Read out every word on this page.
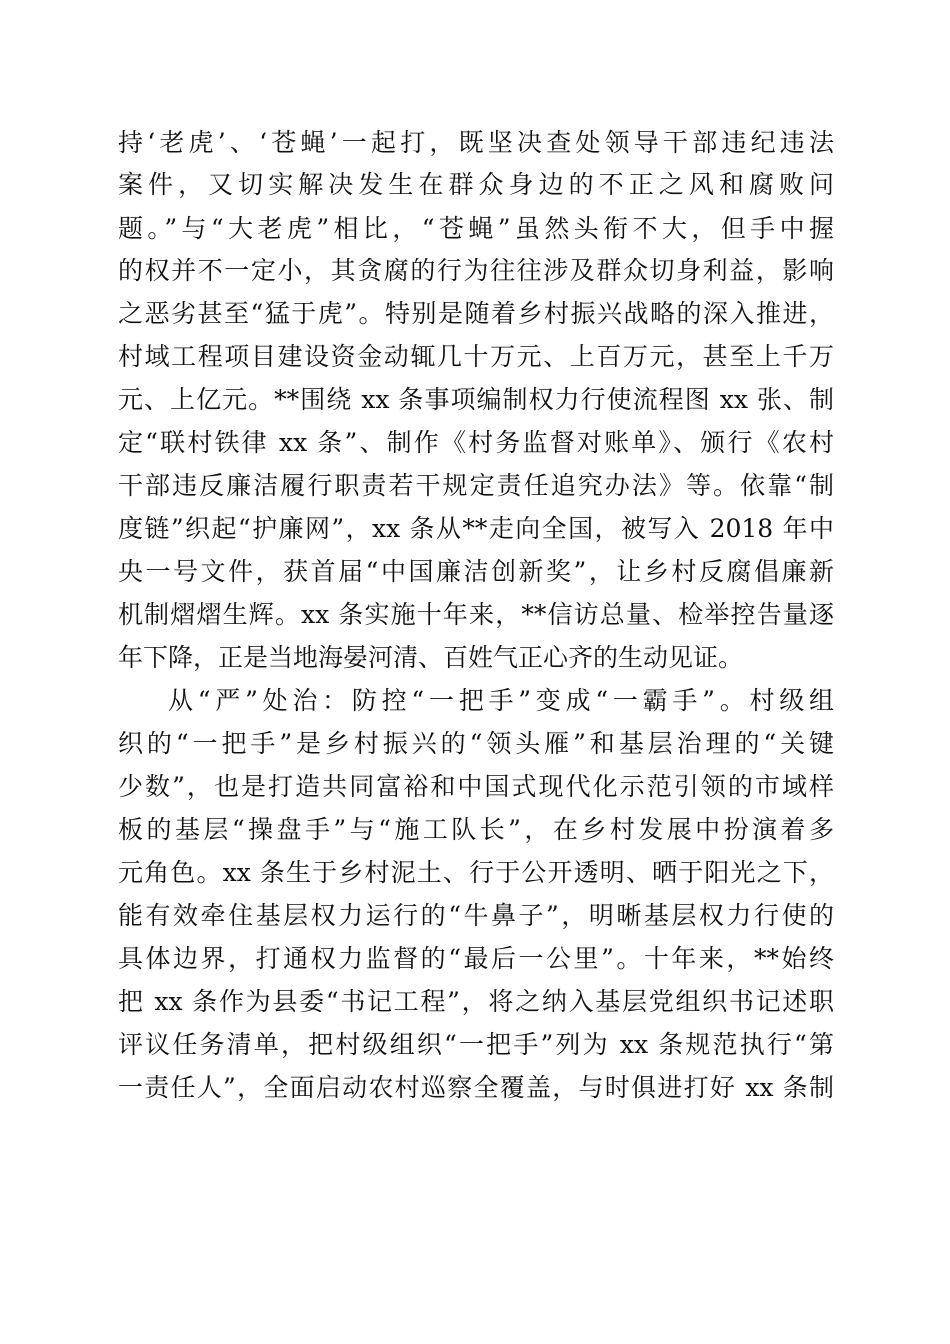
持‘老虎’、‘苍蝇’一起打，既坚决查处领导干部违纪违法
案件，又切实解决发生在群众身边的不正之风和腐败问
题。”与“大老虎”相比，“苍蝇”虽然头衔不大，但手中握
的权并不一定小，其贪腐的行为往往涉及群众切身利益，影响
之恶劣甚至“猛于虎”。特别是随着乡村振兴战略的深入推进，
村域工程项目建设资金动辄几十万元、上百万元，甚至上千万
元、上亿元。**围绕 xx 条事项编制权力行使流程图 xx 张、制
定“联村铁律 xx 条”、制作《村务监督对账单》、颁行《农村
干部违反廉洁履行职责若干规定责任追究办法》等。依靠“制
度链”织起“护廉网”，xx 条从**走向全国，被写入 2018 年中
央一号文件，获首届“中国廉洁创新奖”，让乡村反腐倡廉新
机制熠熠生辉。xx 条实施十年来，**信访总量、检举控告量逐
年下降，正是当地海晏河清、百姓气正心齐的生动见证。
从“严”处治：防控“一把手”变成“一霸手”。村级组
织的“一把手”是乡村振兴的“领头雁”和基层治理的“关键
少数”，也是打造共同富裕和中国式现代化示范引领的市域样
板的基层“操盘手”与“施工队长”，在乡村发展中扮演着多
元角色。xx 条生于乡村泥土、行于公开透明、晒于阳光之下，
能有效牵住基层权力运行的“牛鼻子”，明晰基层权力行使的
具体边界，打通权力监督的“最后一公里”。十年来，**始终
把 xx 条作为县委“书记工程”，将之纳入基层党组织书记述职
评议任务清单，把村级组织“一把手”列为 xx 条规范执行“第
一责任人”，全面启动农村巡察全覆盖，与时俱进打好 xx 条制
